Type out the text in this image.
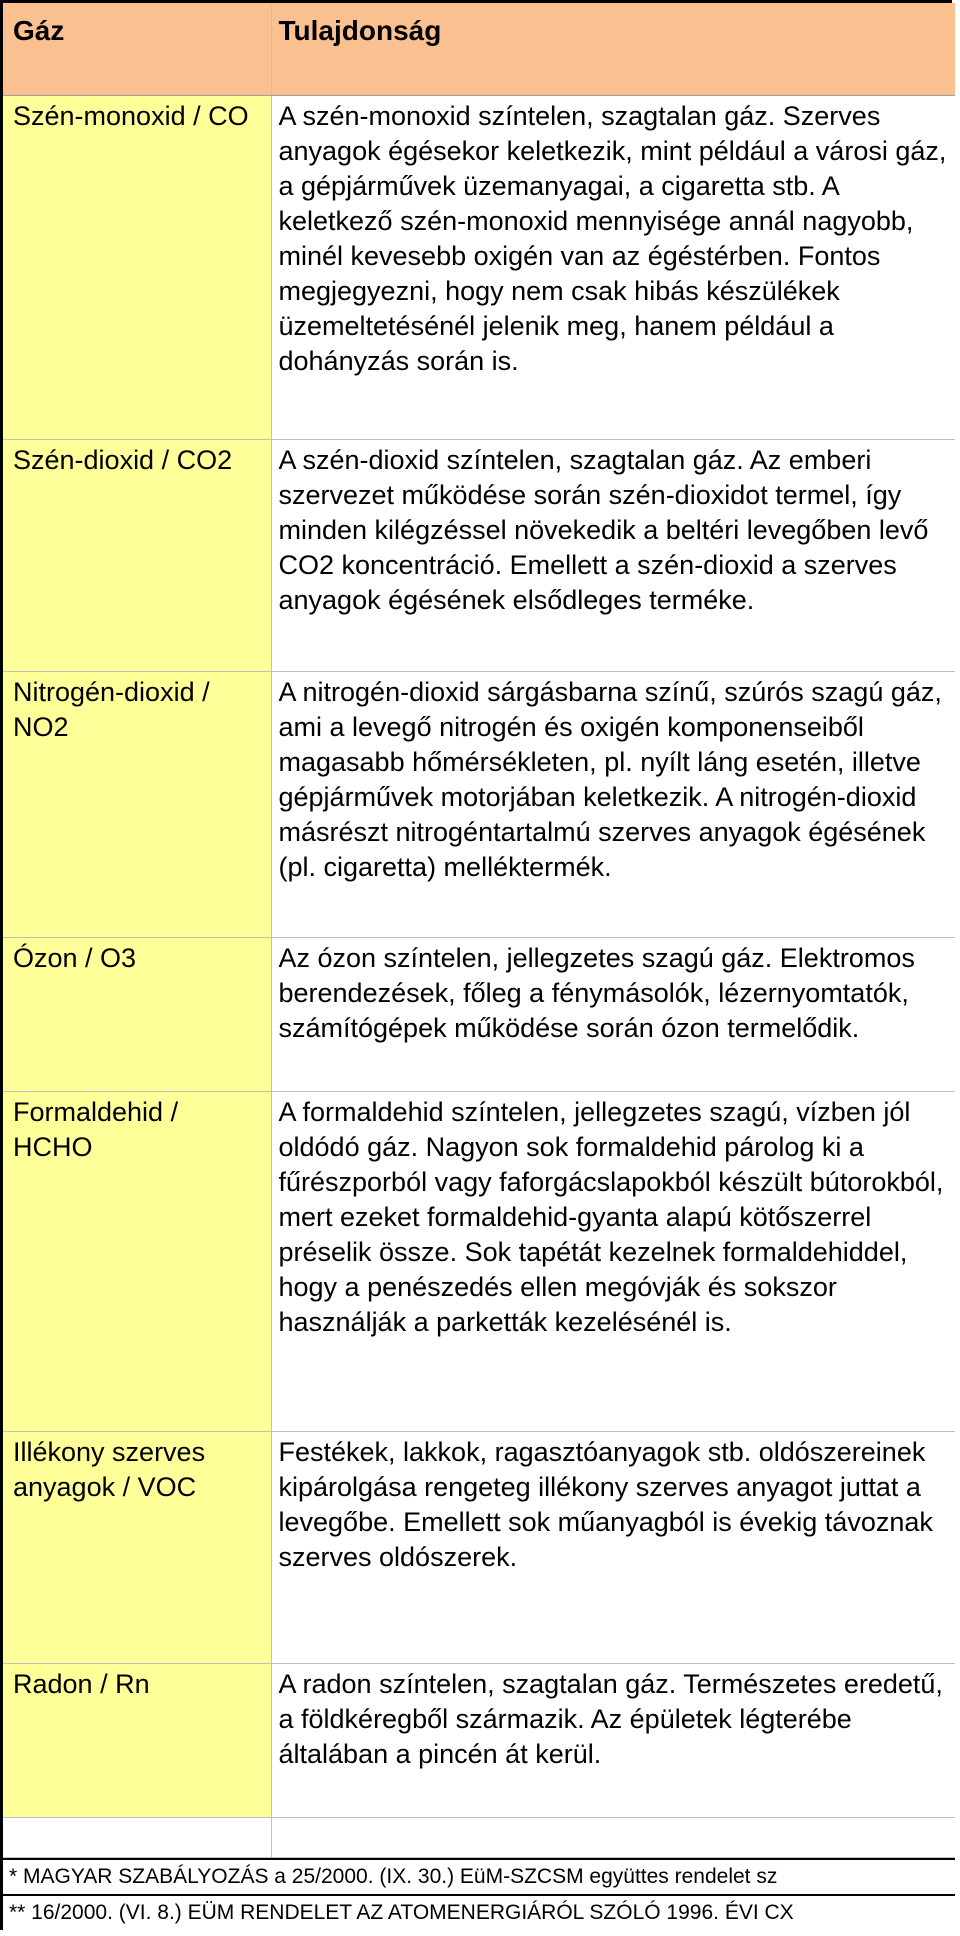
Gáz	Tulajdonság
Szén-monoxid / CO	A szén-monoxid színtelen, szagtalan gáz. Szerves anyagok égésekor keletkezik, mint például a városi gáz, a gépjárművek üzemanyagai, a cigaretta stb. A keletkező szén-monoxid mennyisége annál nagyobb, minél kevesebb oxigén van az égéstérben. Fontos megjegyezni, hogy nem csak hibás készülékek üzemeltetésénél jelenik meg, hanem például a dohányzás során is.
Szén-dioxid / CO2	A szén-dioxid színtelen, szagtalan gáz. Az emberi szervezet működése során szén-dioxidot termel, így minden kilégzéssel növekedik a beltéri levegőben levő CO2 koncentráció. Emellett a szén-dioxid a szerves anyagok égésének elsődleges terméke.
Nitrogén-dioxid / NO2	A nitrogén-dioxid sárgásbarna színű, szúrós szagú gáz, ami a levegő nitrogén és oxigén komponenseiből magasabb hőmérsékleten, pl. nyílt láng esetén, illetve gépjárművek motorjában keletkezik. A nitrogén-dioxid másrészt nitrogéntartalmú szerves anyagok égésének (pl. cigaretta) melléktermék.
Ózon / O3	Az ózon színtelen, jellegzetes szagú gáz. Elektromos berendezések, főleg a fénymásolók, lézernyomtatók, számítógépek működése során ózon termelődik.
Formaldehid / HCHO	A formaldehid színtelen, jellegzetes szagú, vízben jól oldódó gáz. Nagyon sok formaldehid párolog ki a fűrészporból vagy faforgácslapokból készült bútorokból, mert ezeket formaldehid-gyanta alapú kötőszerrel préselik össze. Sok tapétát kezelnek formaldehiddel, hogy a penészedés ellen megóvják és sokszor használják a parketták kezelésénél is.
Illékony szerves anyagok / VOC	Festékek, lakkok, ragasztóanyagok stb. oldószereinek kipárolgása rengeteg illékony szerves anyagot juttat a levegőbe. Emellett sok műanyagból is évekig távoznak szerves oldószerek.
Radon / Rn	A radon színtelen, szagtalan gáz. Természetes eredetű, a földkéregből származik. Az épületek légterébe általában a pincén át kerül.

* MAGYAR SZABÁLYOZÁS a 25/2000. (IX. 30.) EüM-SZCSM együttes rendelet sz
** 16/2000. (VI. 8.) EÜM RENDELET AZ ATOMENERGIÁRÓL SZÓLÓ 1996. ÉVI CX
